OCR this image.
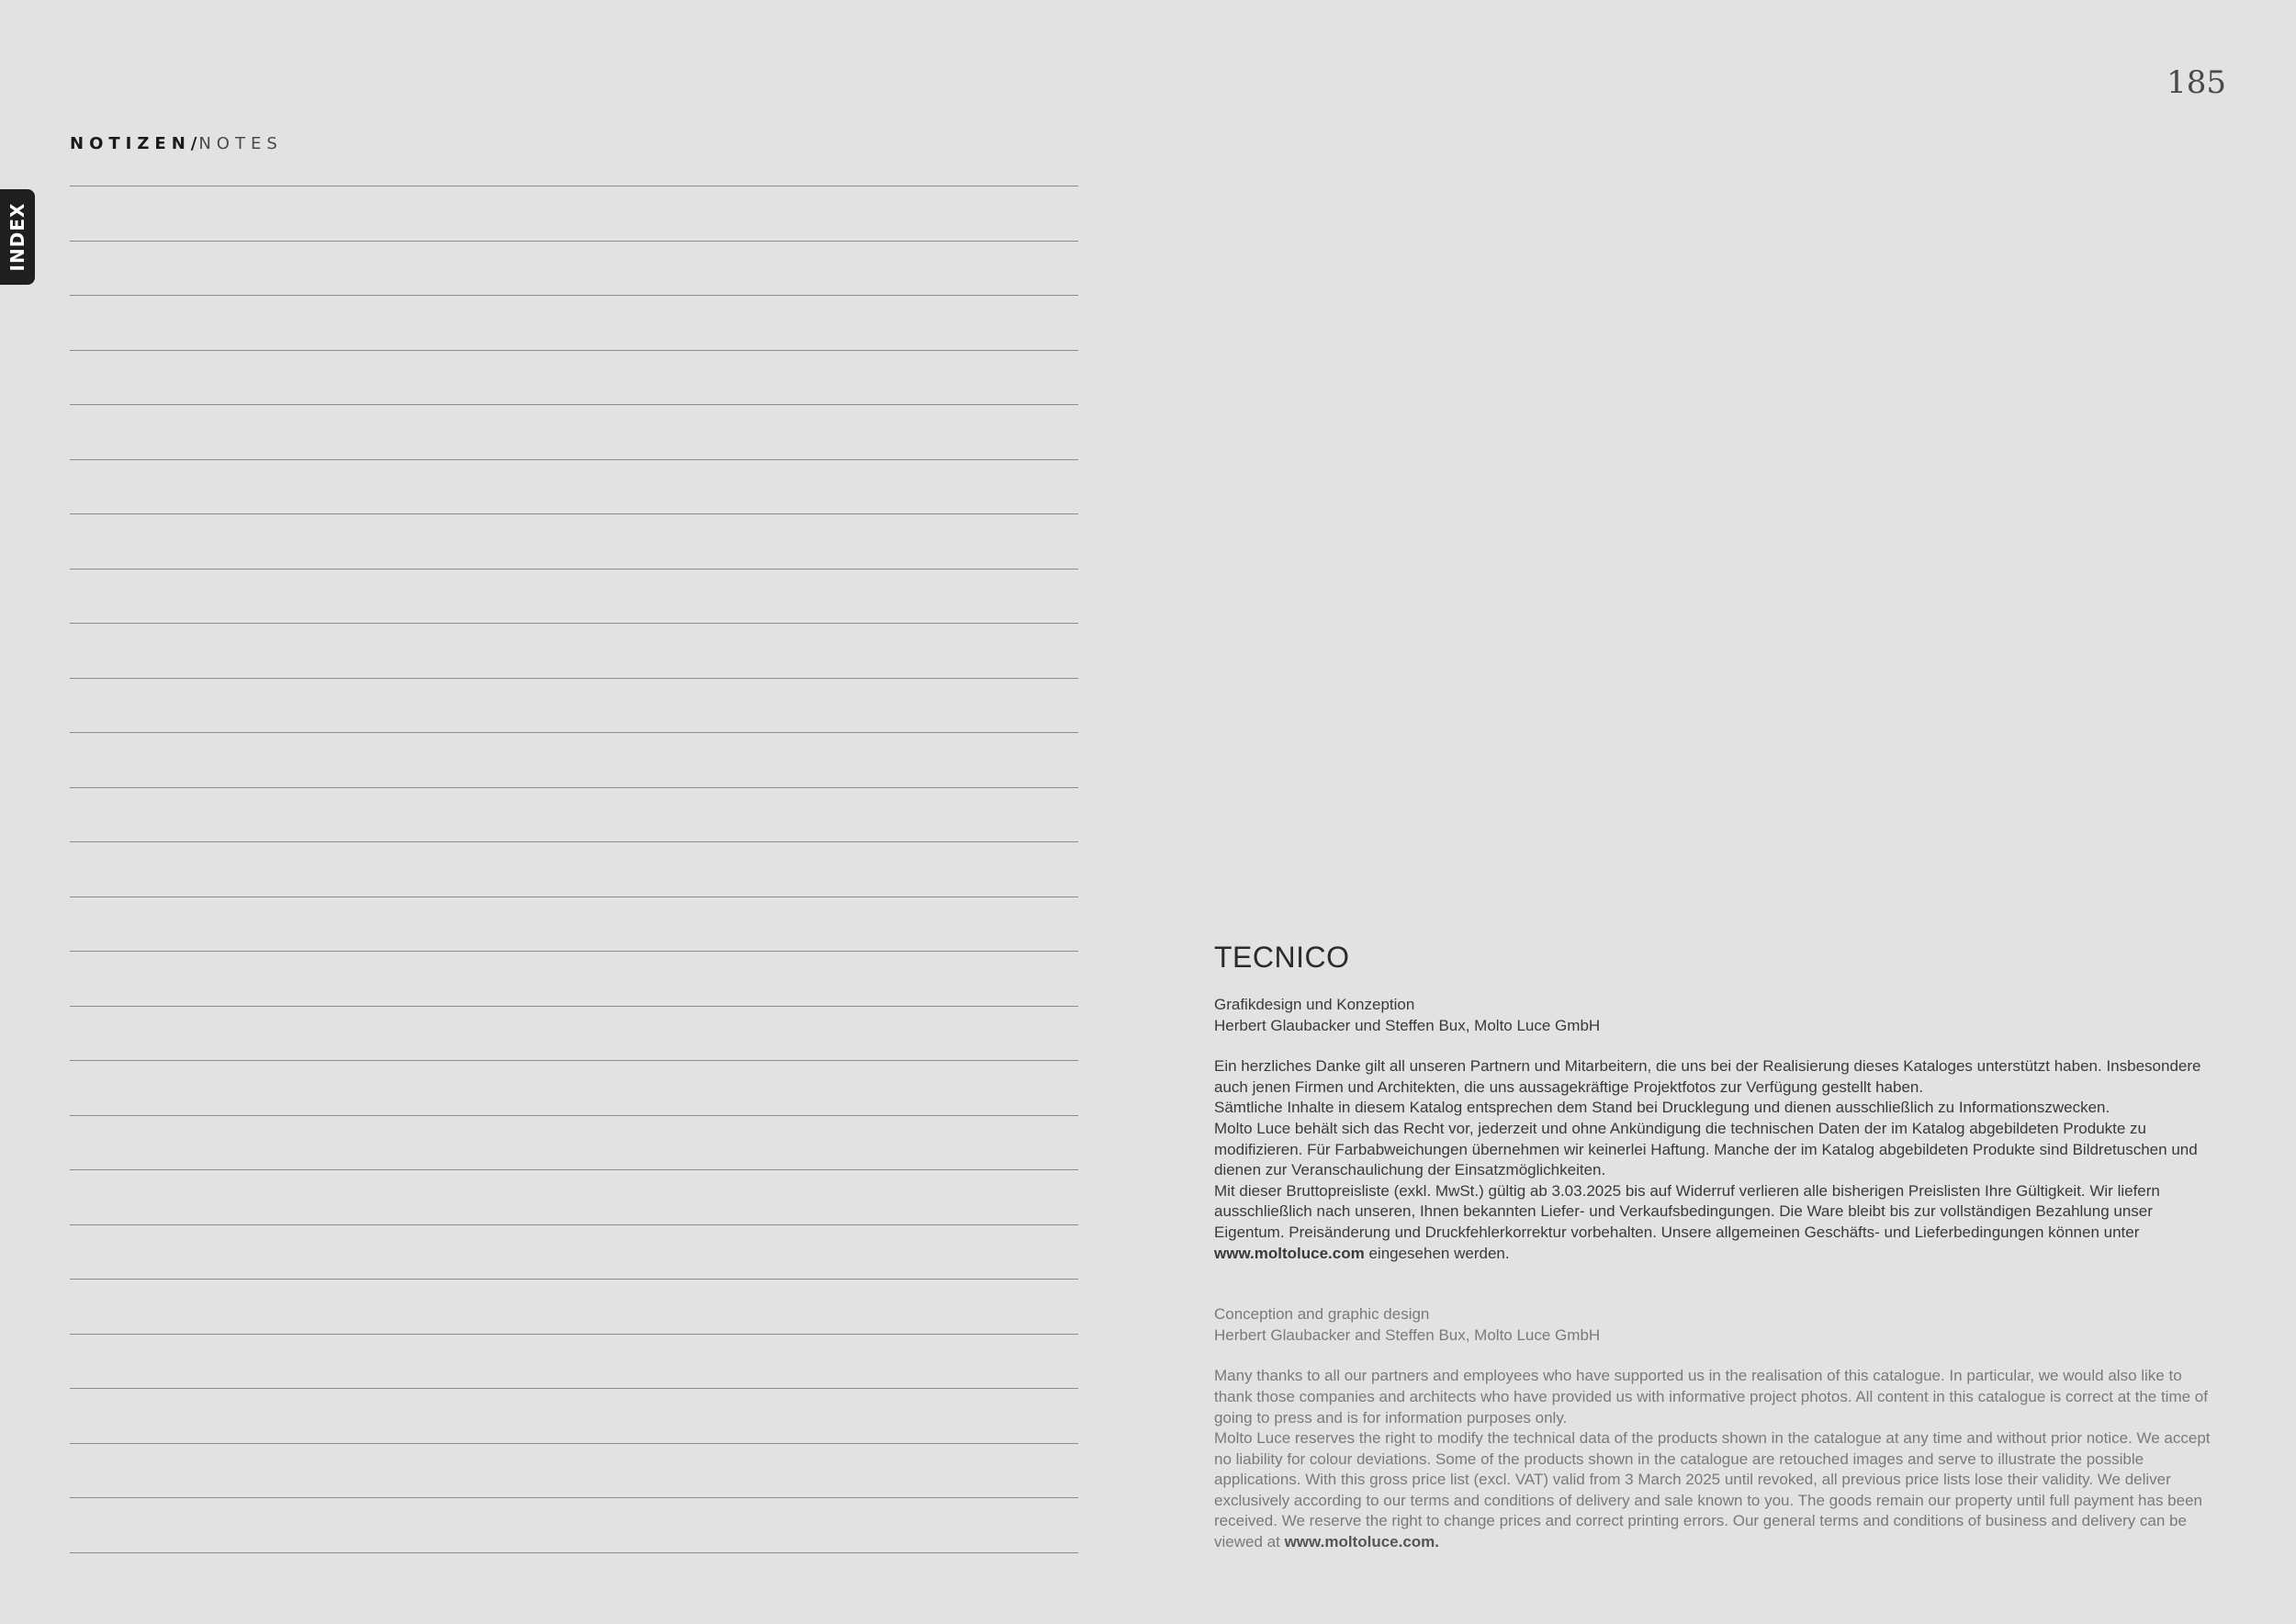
INDEX
185
NOTIZEN/NOTES
TECNICO

Grafikdesign und Konzeption

Herbert Glaubacker und Steffen Bux, Molto Luce GmbH

Ein herzliches Danke gilt all unseren Partnern und Mitarbeitern, die uns bei der Realisierung dieses Kataloges unterstützt haben. Insbesondere auch jenen Firmen und Architekten, die uns aussagekräftige Projektfotos zur Verfügung gestellt haben.

Sämtliche Inhalte in diesem Katalog entsprechen dem Stand bei Drucklegung und dienen ausschließlich zu Informationszwecken.

Molto Luce behält sich das Recht vor, jederzeit und ohne Ankündigung die technischen Daten der im Katalog abgebildeten Produkte zu modifizieren. Für Farbabweichungen übernehmen wir keinerlei Haftung. Manche der im Katalog abgebildeten Produkte sind Bildretuschen und dienen zur Veranschaulichung der Einsatzmöglichkeiten.

Mit dieser Bruttopreisliste (exkl. MwSt.) gültig ab 3.03.2025 bis auf Widerruf verlieren alle bisherigen Preislisten Ihre Gültigkeit. Wir liefern ausschließlich nach unseren, Ihnen bekannten Liefer- und Verkaufsbedingungen. Die Ware bleibt bis zur vollständigen Bezahlung unser Eigentum. Preisänderung und Druckfehlerkorrektur vorbehalten. Unsere allgemeinen Geschäfts- und Lieferbedingungen können unter www.moltoluce.com eingesehen werden.

Conception and graphic design

Herbert Glaubacker and Steffen Bux, Molto Luce GmbH

Many thanks to all our partners and employees who have supported us in the realisation of this catalogue. In particular, we would also like to thank those companies and architects who have provided us with informative project photos. All content in this catalogue is correct at the time of going to press and is for information purposes only.

Molto Luce reserves the right to modify the technical data of the products shown in the catalogue at any time and without prior notice. We accept no liability for colour deviations. Some of the products shown in the catalogue are retouched images and serve to illustrate the possible applications. With this gross price list (excl. VAT) valid from 3 March 2025 until revoked, all previous price lists lose their validity. We deliver exclusively according to our terms and conditions of delivery and sale known to you. The goods remain our property until full payment has been received. We reserve the right to change prices and correct printing errors. Our general terms and conditions of business and delivery can be viewed at www.moltoluce.com.
